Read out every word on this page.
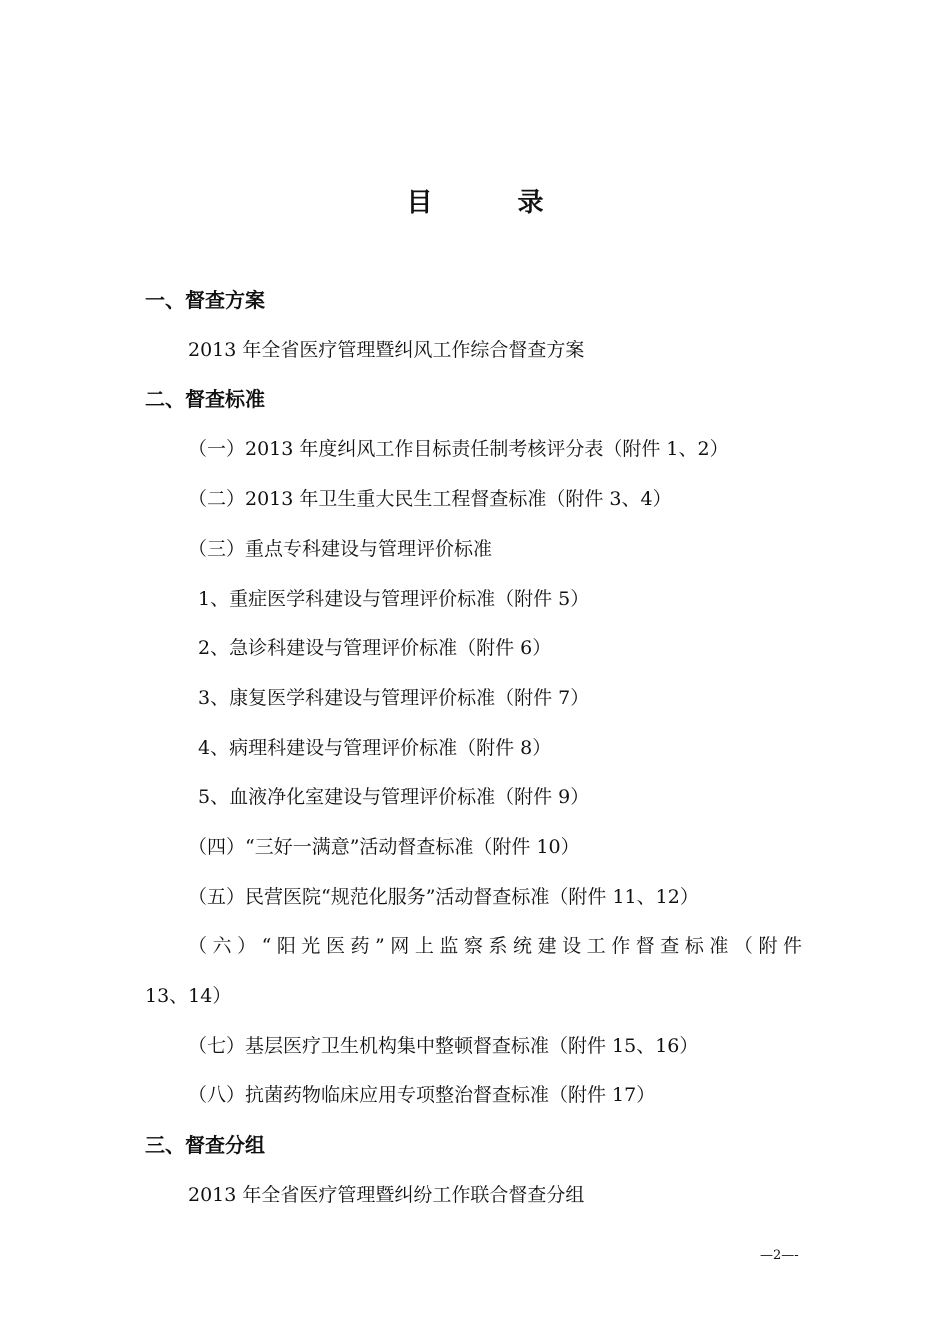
目 录
一、督查方案
2013 年全省医疗管理暨纠风工作综合督查方案
二、督查标准
（一）2013 年度纠风工作目标责任制考核评分表（附件 1、2）
（二）2013 年卫生重大民生工程督查标准（附件 3、4）
（三）重点专科建设与管理评价标准
1、重症医学科建设与管理评价标准（附件 5）
2、急诊科建设与管理评价标准（附件 6）
3、康复医学科建设与管理评价标准（附件 7）
4、病理科建设与管理评价标准（附件 8）
5、血液净化室建设与管理评价标准（附件 9）
（四）“三好一满意”活动督查标准（附件 10）
（五）民营医院“规范化服务”活动督查标准（附件 11、12）
（六）“阳光医药”网上监察系统建设工作督查标准（附件
13、14）
（七）基层医疗卫生机构集中整顿督查标准（附件 15、16）
（八）抗菌药物临床应用专项整治督查标准（附件 17）
三、督查分组
2013 年全省医疗管理暨纠纷工作联合督查分组
—2—-
